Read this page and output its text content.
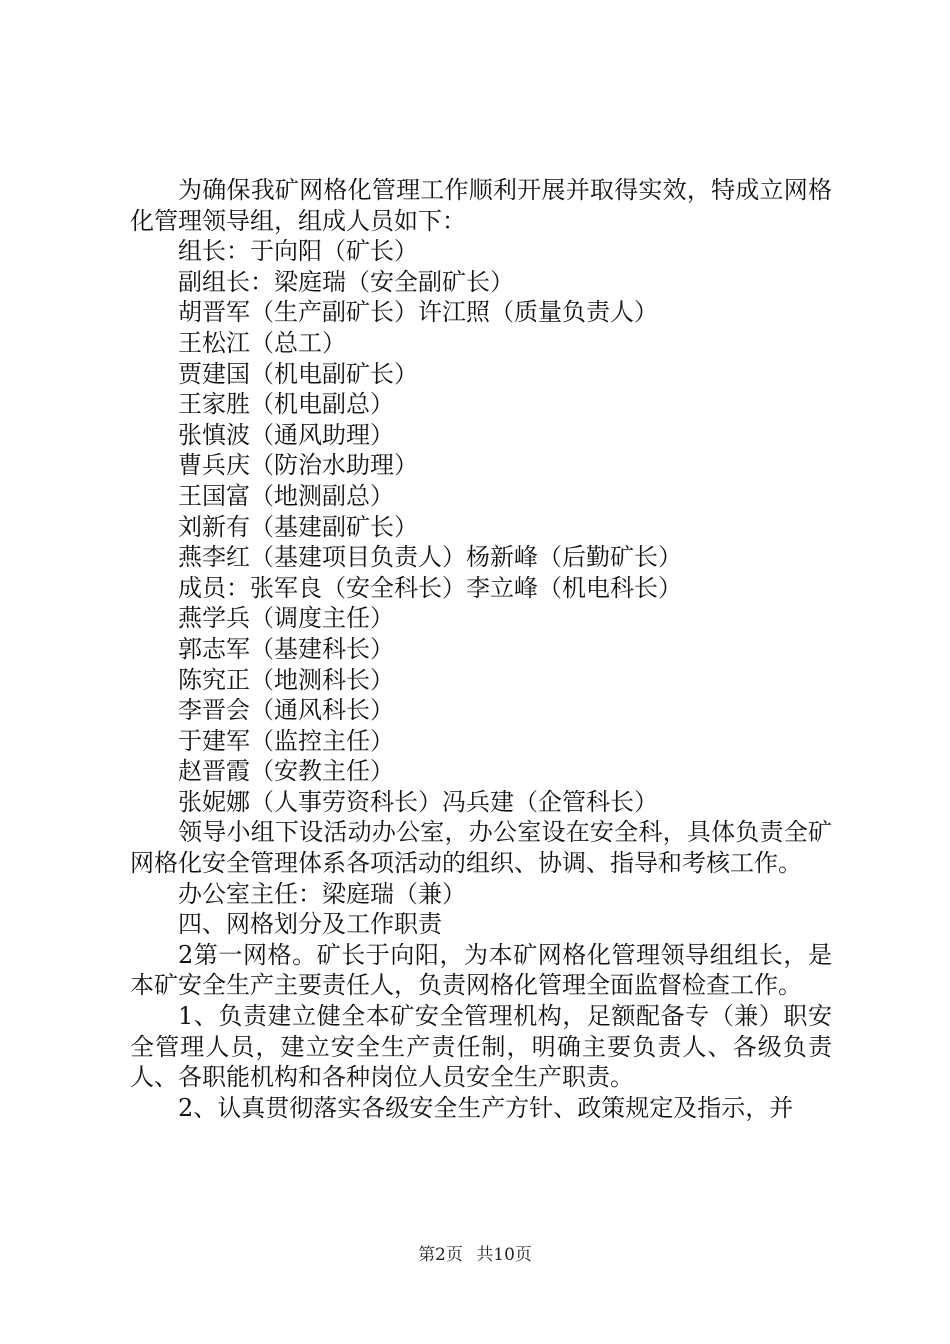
为确保我矿网格化管理工作顺利开展并取得实效，特成立网格化管理领导组，组成人员如下：

组长：于向阳（矿长）

副组长：梁庭瑞（安全副矿长）

胡晋军（生产副矿长）许江照（质量负责人）

王松江（总工）

贾建国（机电副矿长）

王家胜（机电副总）

张慎波（通风助理）

曹兵庆（防治水助理）

王国富（地测副总）

刘新有（基建副矿长）

燕李红（基建项目负责人）杨新峰（后勤矿长）

成员：张军良（安全科长）李立峰（机电科长）

燕学兵（调度主任）

郭志军（基建科长）

陈究正（地测科长）

李晋会（通风科长）

于建军（监控主任）

赵晋霞（安教主任）

张妮娜（人事劳资科长）冯兵建（企管科长）

领导小组下设活动办公室，办公室设在安全科，具体负责全矿网格化安全管理体系各项活动的组织、协调、指导和考核工作。

办公室主任：梁庭瑞（兼）

四、网格划分及工作职责

2第一网格。矿长于向阳，为本矿网格化管理领导组组长，是本矿安全生产主要责任人，负责网格化管理全面监督检查工作。

1、负责建立健全本矿安全管理机构，足额配备专（兼）职安全管理人员，建立安全生产责任制，明确主要负责人、各级负责人、各职能机构和各种岗位人员安全生产职责。

2、认真贯彻落实各级安全生产方针、政策规定及指示，并

第2页 共10页
